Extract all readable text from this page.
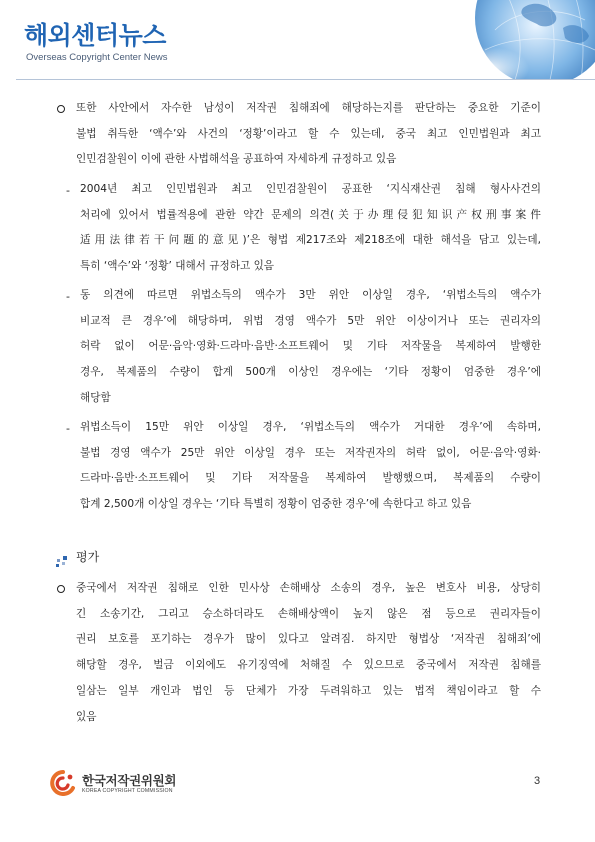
해외센터뉴스
Overseas Copyright Center News
또한 사안에서 자수한 남성이 저작권 침해죄에 해당하는지를 판단하는 중요한 기준이
불법 취득한 ‘액수’와 사건의 ‘정황’이라고 할 수 있는데, 중국 최고 인민법원과 최고
인민검찰원이 이에 관한 사법해석을 공표하여 자세하게 규정하고 있음
- 2004년 최고 인민법원과 최고 인민검찰원이 공표한 ‘지식재산권 침해 형사사건의
처리에 있어서 법률적용에 관한 약간 문제의 의견(关于办理侵犯知识产权刑事案件
适用法律若干问题的意见)’은 형법 제217조와 제218조에 대한 해석을 담고 있는데,
특히 ‘액수’와 ‘정황’ 대해서 규정하고 있음
- 동 의견에 따르면 위법소득의 액수가 3만 위안 이상일 경우, ‘위법소득의 액수가
비교적 큰 경우’에 해당하며, 위법 경영 액수가 5만 위안 이상이거나 또는 권리자의
허락 없이 어문·음악·영화·드라마·음반·소프트웨어 및 기타 저작물을 복제하여 발행한
경우, 복제품의 수량이 합계 500개 이상인 경우에는 ‘기타 정황이 엄중한 경우’에
해당함
- 위법소득이 15만 위안 이상일 경우, ‘위법소득의 액수가 거대한 경우’에 속하며,
불법 경영 액수가 25만 위안 이상일 경우 또는 저작권자의 허락 없이, 어문·음악·영화·
드라마·음반·소프트웨어 및 기타 저작물을 복제하여 발행했으며, 복제품의 수량이
합계 2,500개 이상일 경우는 ‘기타 특별히 정황이 엄중한 경우’에 속한다고 하고 있음
평가
중국에서 저작권 침해로 인한 민사상 손해배상 소송의 경우, 높은 변호사 비용, 상당히
긴 소송기간, 그리고 승소하더라도 손해배상액이 높지 않은 점 등으로 권리자들이
권리 보호를 포기하는 경우가 많이 있다고 알려짐. 하지만 형법상 ‘저작권 침해죄’에
해당할 경우, 벌금 이외에도 유기징역에 처해질 수 있으므로 중국에서 저작권 침해를
일삼는 일부 개인과 법인 등 단체가 가장 두려워하고 있는 법적 책임이라고 할 수
있음
한국저작권위원회
KOREA COPYRIGHT COMMISSION
3
